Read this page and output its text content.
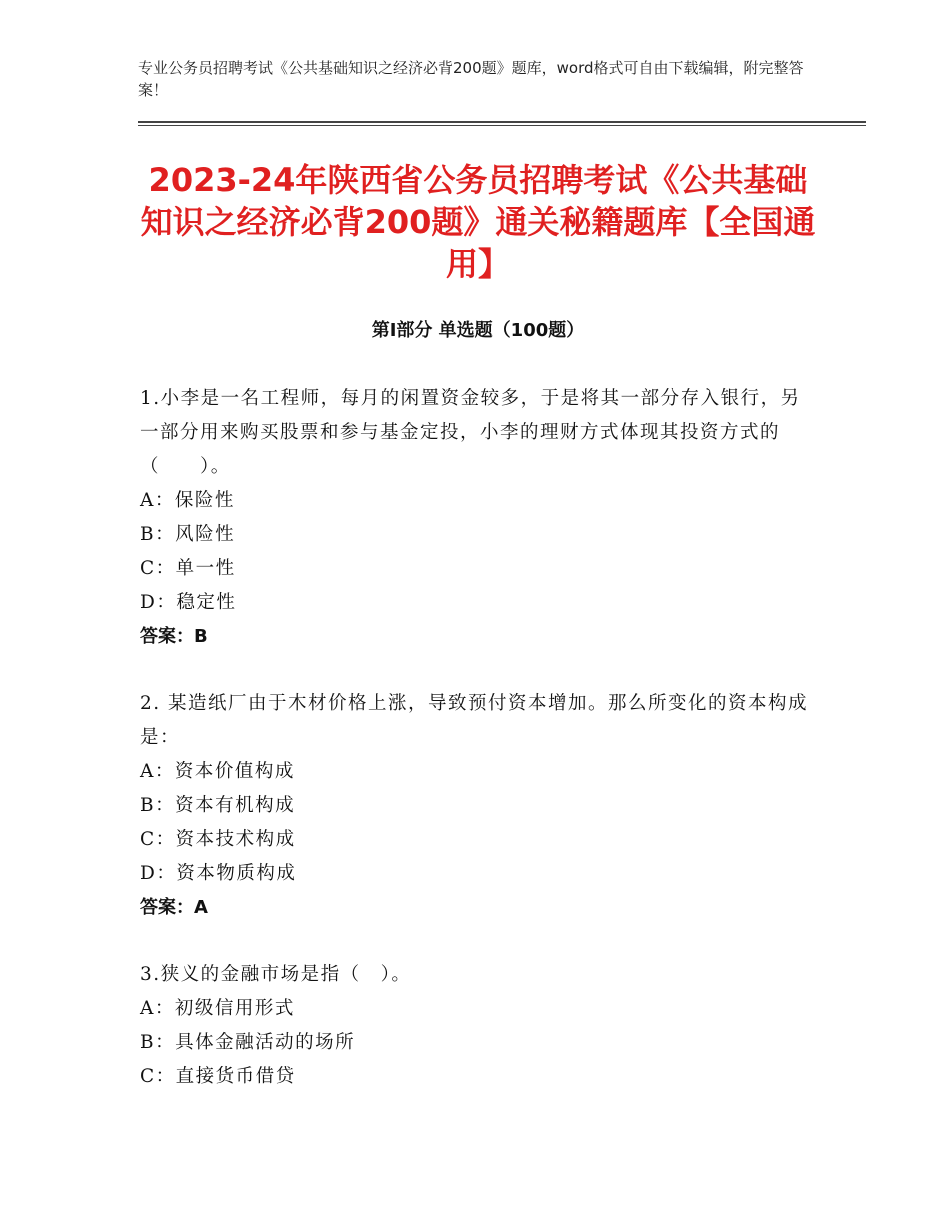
专业公务员招聘考试《公共基础知识之经济必背200题》题库，word格式可自由下载编辑，附完整答案！
2023-24年陕西省公务员招聘考试《公共基础知识之经济必背200题》通关秘籍题库【全国通用】
第Ⅰ部分 单选题（100题）
1.小李是一名工程师，每月的闲置资金较多，于是将其一部分存入银行，另一部分用来购买股票和参与基金定投，小李的理财方式体现其投资方式的（　　）。
A：保险性
B：风险性
C：单一性
D：稳定性
答案：B
2. 某造纸厂由于木材价格上涨，导致预付资本增加。那么所变化的资本构成是：
A：资本价值构成
B：资本有机构成
C：资本技术构成
D：资本物质构成
答案：A
3.狭义的金融市场是指（　）。
A：初级信用形式
B：具体金融活动的场所
C：直接货币借贷
